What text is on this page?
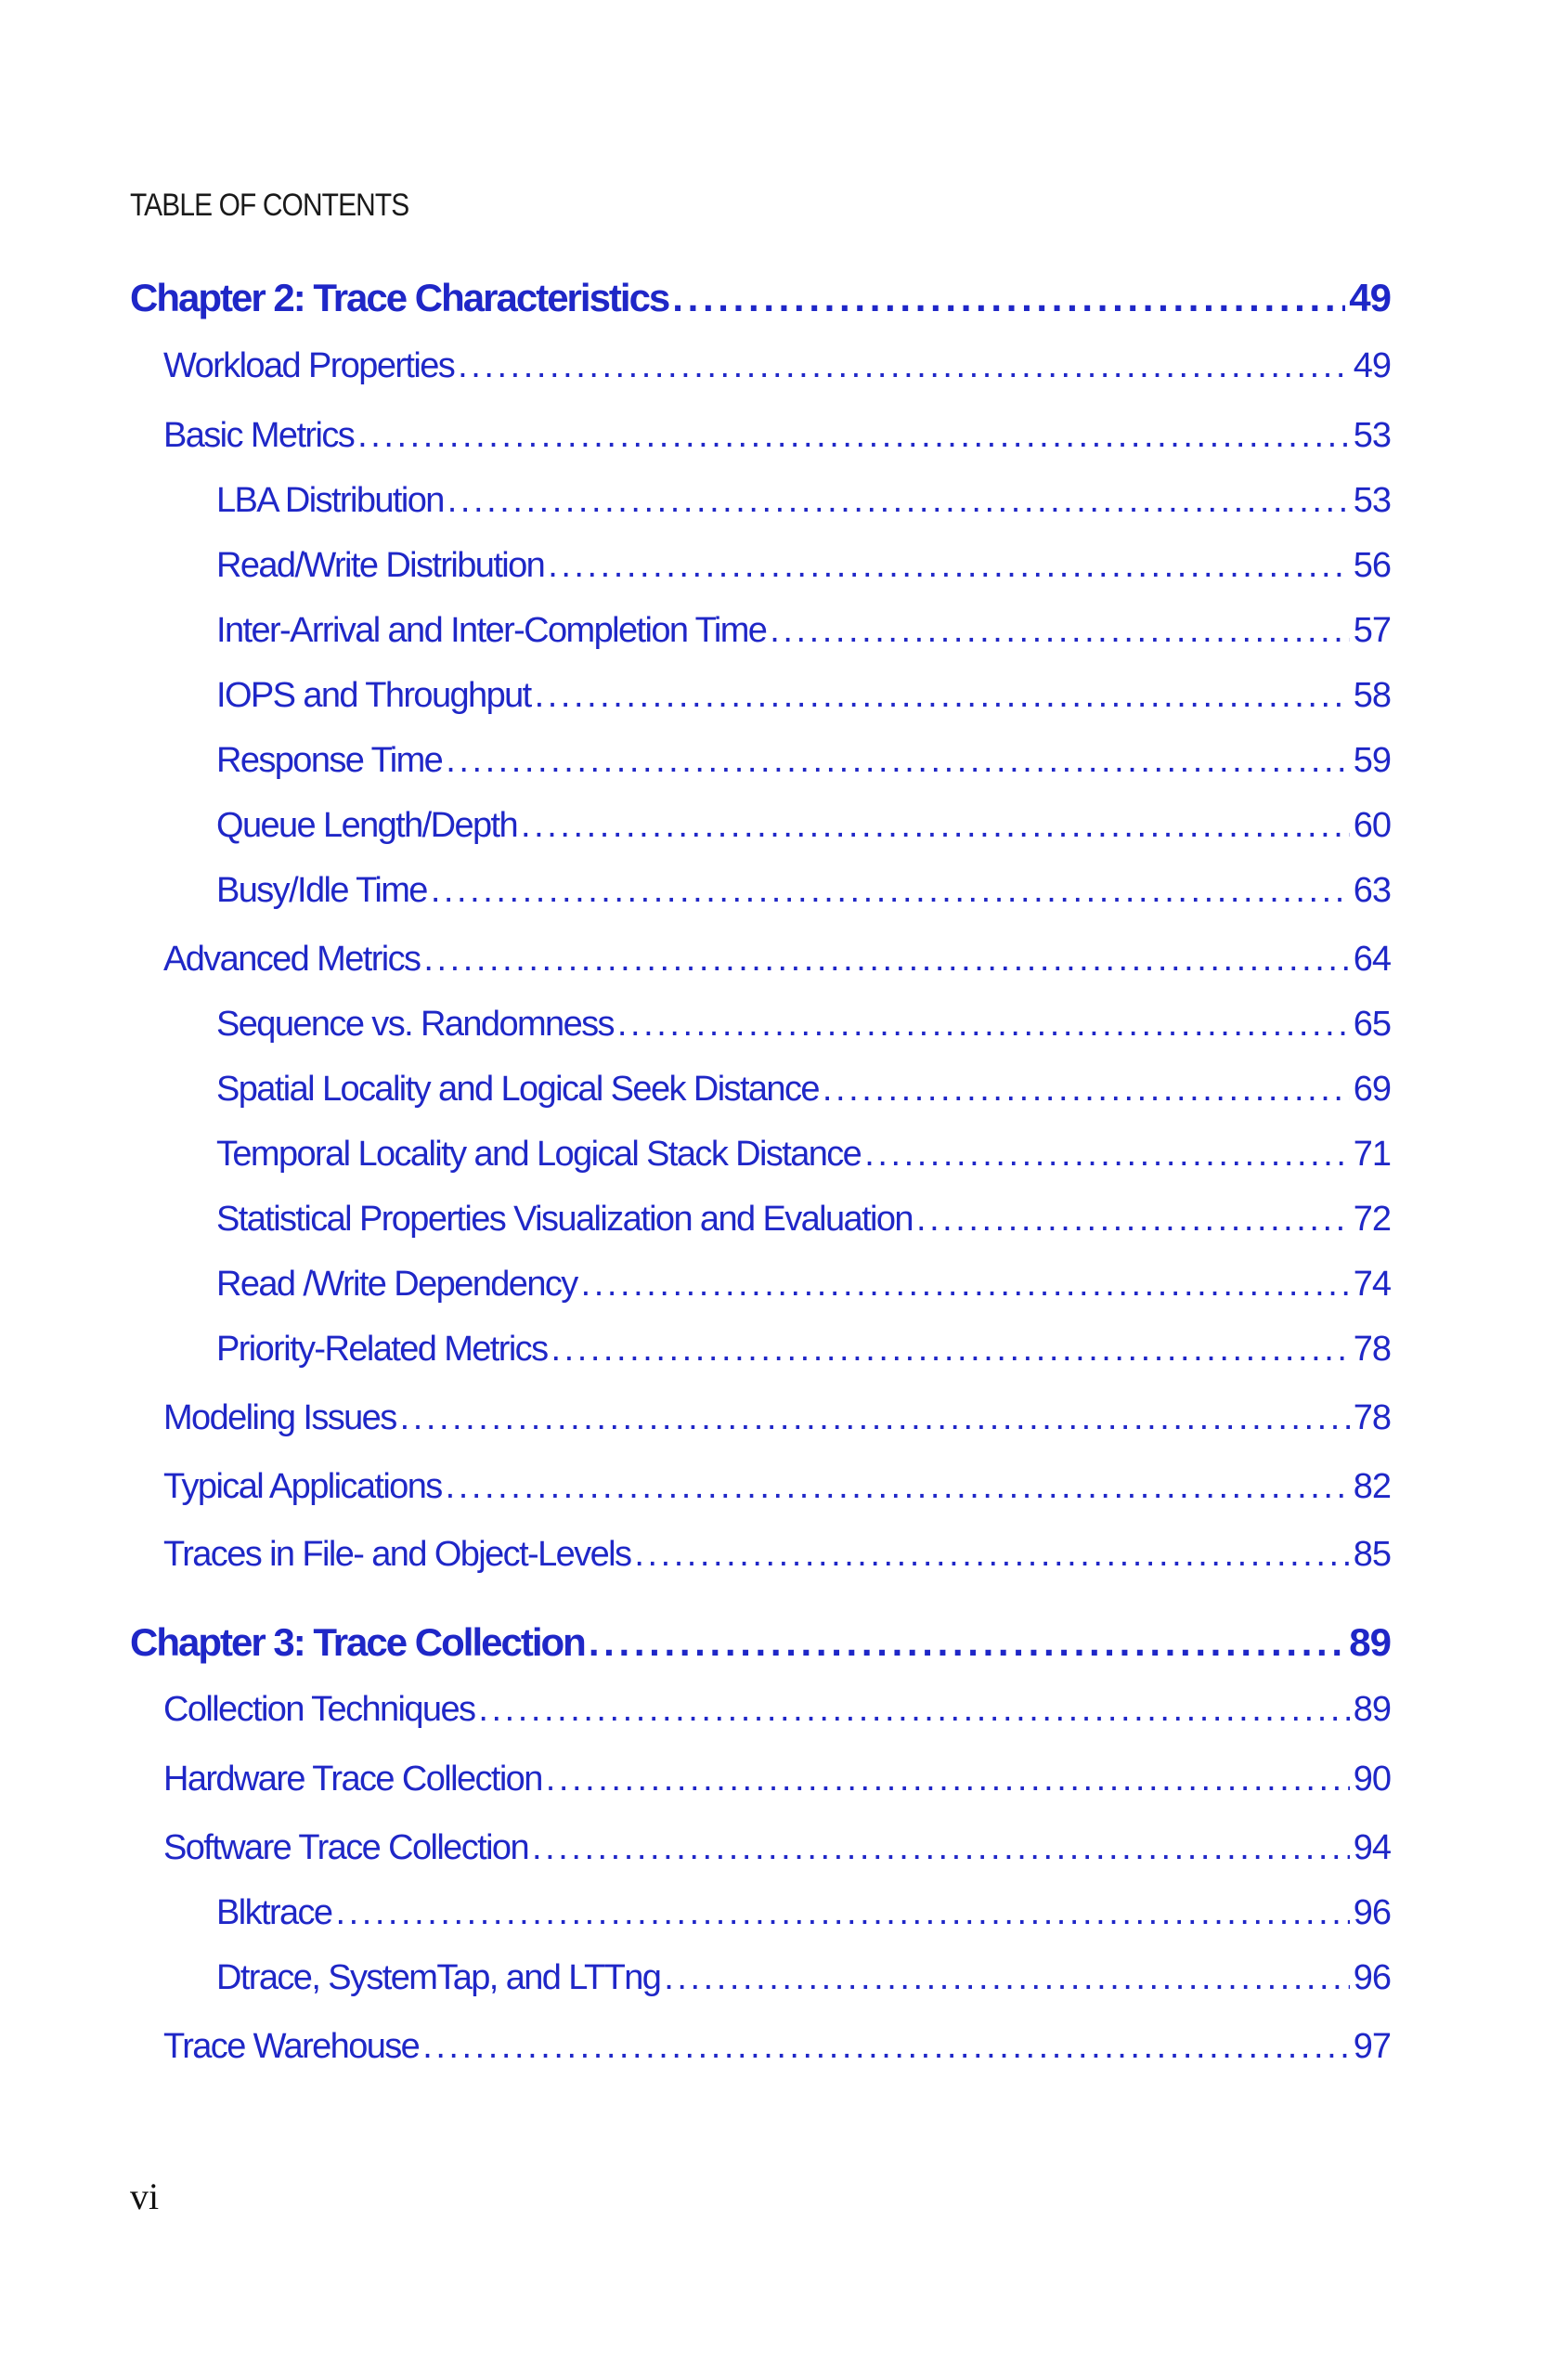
TABLE OF CONTENTS
Chapter 2: Trace Characteristics . . .	49
Workload Properties . . .	49
Basic Metrics . . .	53
LBA Distribution . . .	53
Read/Write Distribution . . .	56
Inter-Arrival and Inter-Completion Time . . .	57
IOPS and Throughput . . .	58
Response Time . . .	59
Queue Length/Depth . . .	60
Busy/Idle Time . . .	63
Advanced Metrics . . .	64
Sequence vs. Randomness . . .	65
Spatial Locality and Logical Seek Distance . . .	69
Temporal Locality and Logical Stack Distance . . .	71
Statistical Properties Visualization and Evaluation . . .	72
Read /Write Dependency . . .	74
Priority-Related Metrics . . .	78
Modeling Issues . . .	78
Typical Applications . . .	82
Traces in File- and Object-Levels . . .	85
Chapter 3: Trace Collection . . .	89
Collection Techniques . . .	89
Hardware Trace Collection . . .	90
Software Trace Collection . . .	94
Blktrace . . .	96
Dtrace, SystemTap, and LTTng . . .	96
Trace Warehouse . . .	97
vi
